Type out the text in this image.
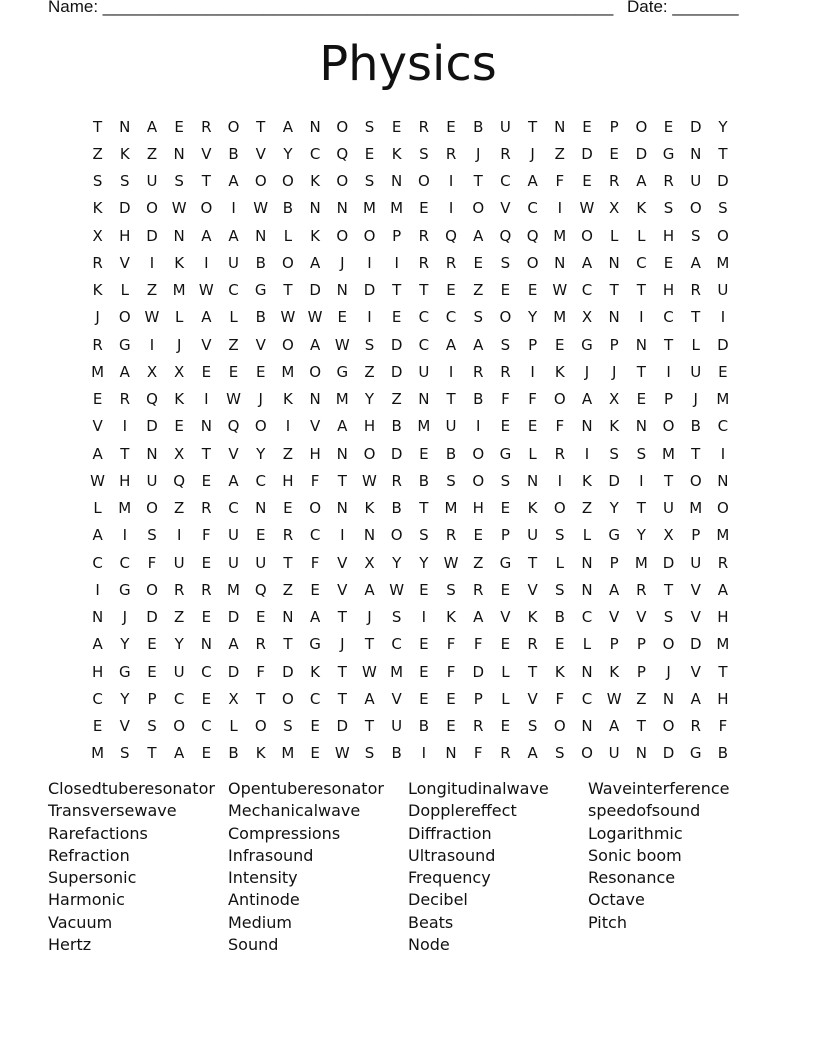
Name: ______________________________________________________ Date: _______
Physics
T	N	A	E	R	O	T	A	N	O	S	E	R	E	B	U	T	N	E	P	O	E	D	Y
Z	K	Z	N	V	B	V	Y	C	Q	E	K	S	R	J	R	J	Z	D	E	D	G	N	T
S	S	U	S	T	A	O	O	K	O	S	N	O	I	T	C	A	F	E	R	A	R	U	D
K	D	O W O	I	W B	N	N	M M	E	I	O	V	C	I	W X	K	S	O	S
X	H	D	N	A	A	N	L	K	O	O	P	R	Q	A	Q	Q M O	L	L	H	S	O
R	V	I	K	I	U	B	O	A	J	I	I	R	R	E	S	O	N	A	N	C	E	A	M
K	L	Z	M W C	G	T	D	N	D	T	T	E	Z	E	E	W C	T	T	H	R	U
J	O W	L	A	L	B W W	E	I	E	C	C	S	O	Y	M	X	N	I	C	T	I
R	G	I	J	V	Z	V	O	A W	S	D	C	A	A	S	P	E	G	P	N	T	L	D
M	A	X	X	E	E	E	M O	G	Z	D	U	I	R	R	I	K	J	J	T	I	U	E
E	R	Q	K	I	W	J	K	N	M	Y	Z	N	T	B	F	F	O	A	X	E	P	J	M
V	I	D	E	N	Q	O	I	V	A	H	B	M	U	I	E	E	F	N	K	N	O	B	C
A	T	N	X	T	V	Y	Z	H	N	O	D	E	B	O	G	L	R	I	S	S	M	T	I
W H	U	Q	E	A	C	H	F	T	W R	B	S	O	S	N	I	K	D	I	T	O	N
L	M O	Z	R	C	N	E	O	N	K	B	T	M	H	E	K	O	Z	Y	T	U	M O
A	I	S	I	F	U	E	R	C	I	N	O	S	R	E	P	U	S	L	G	Y	X	P	M
C	C	F	U	E	U	U	T	F	V	X	Y	Y	W Z	G	T	L	N	P	M D	U	R
I	G	O	R	R	M Q	Z	E	V	A W	E	S	R	E	V	S	N	A	R	T	V	A
N	J	D	Z	E	D	E	N	A	T	J	S	I	K	A	V	K	B	C	V	V	S	V	H
A	Y	E	Y	N	A	R	T	G	J	T	C	E	F	F	E	R	E	L	P	P	O	D M
H	G	E	U	C	D	F	D	K	T	W M	E	F	D	L	T	K	N	K	P	J	V	T
C	Y	P	C	E	X	T	O	C	T	A	V	E	E	P	L	V	F	C W Z	N	A	H
E	V	S	O	C	L	O	S	E	D	T	U	B	E	R	E	S	O	N	A	T	O	R	F
M	S	T	A	E	B	K	M	E	W	S	B	I	N	F	R	A	S	O	U	N	D	G	B
Closedtuberesonator Opentuberesonator	Longitudinalwave	Waveinterference
Transversewave	Mechanicalwave	Dopplereffect	speedofsound
Rarefactions	Compressions	Diffraction	Logarithmic
Refraction	Infrasound	Ultrasound	Sonic boom
Supersonic	Intensity	Frequency	Resonance
Harmonic	Antinode	Decibel	Octave
Vacuum	Medium	Beats	Pitch
Hertz	Sound	Node
